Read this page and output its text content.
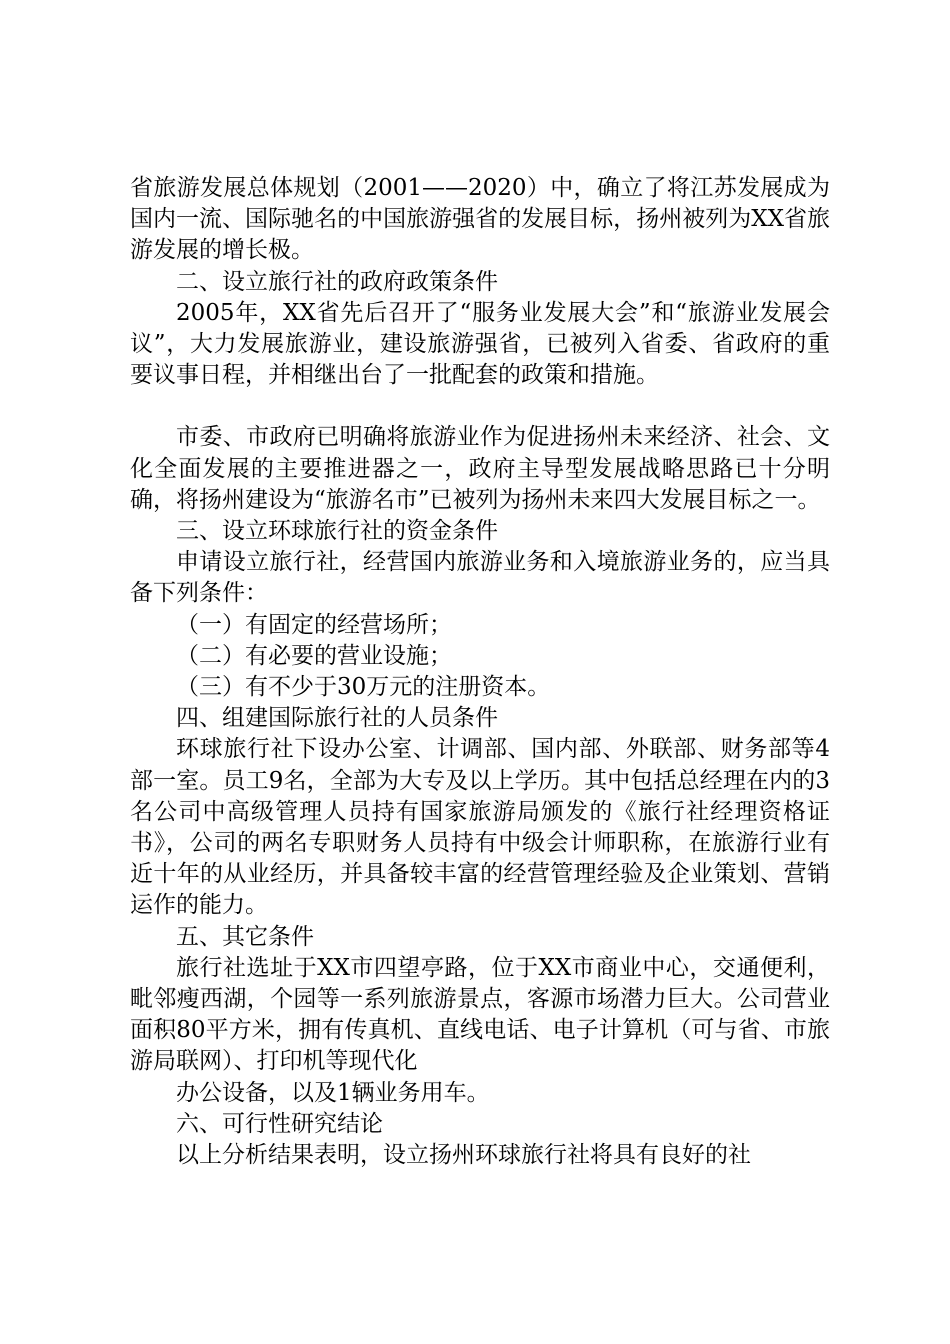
省旅游发展总体规划（2001——2020）中，确立了将江苏发展成为国内一流、国际驰名的中国旅游强省的发展目标，扬州被列为XX省旅游发展的增长极。

二、设立旅行社的政府政策条件

2005年，XX省先后召开了“服务业发展大会”和“旅游业发展会议”，大力发展旅游业，建设旅游强省，已被列入省委、省政府的重要议事日程，并相继出台了一批配套的政策和措施。

市委、市政府已明确将旅游业作为促进扬州未来经济、社会、文化全面发展的主要推进器之一，政府主导型发展战略思路已十分明确，将扬州建设为“旅游名市”已被列为扬州未来四大发展目标之一。

三、设立环球旅行社的资金条件

申请设立旅行社，经营国内旅游业务和入境旅游业务的，应当具备下列条件：

（一）有固定的经营场所；

（二）有必要的营业设施；

（三）有不少于30万元的注册资本。

四、组建国际旅行社的人员条件

环球旅行社下设办公室、计调部、国内部、外联部、财务部等4部一室。员工9名，全部为大专及以上学历。其中包括总经理在内的3名公司中高级管理人员持有国家旅游局颁发的《旅行社经理资格证书》，公司的两名专职财务人员持有中级会计师职称，在旅游行业有近十年的从业经历，并具备较丰富的经营管理经验及企业策划、营销运作的能力。

五、其它条件

旅行社选址于XX市四望亭路，位于XX市商业中心，交通便利，毗邻瘦西湖，个园等一系列旅游景点，客源市场潜力巨大。公司营业面积80平方米，拥有传真机、直线电话、电子计算机（可与省、市旅游局联网）、打印机等现代化

办公设备，以及1辆业务用车。

六、可行性研究结论

以上分析结果表明，设立扬州环球旅行社将具有良好的社
